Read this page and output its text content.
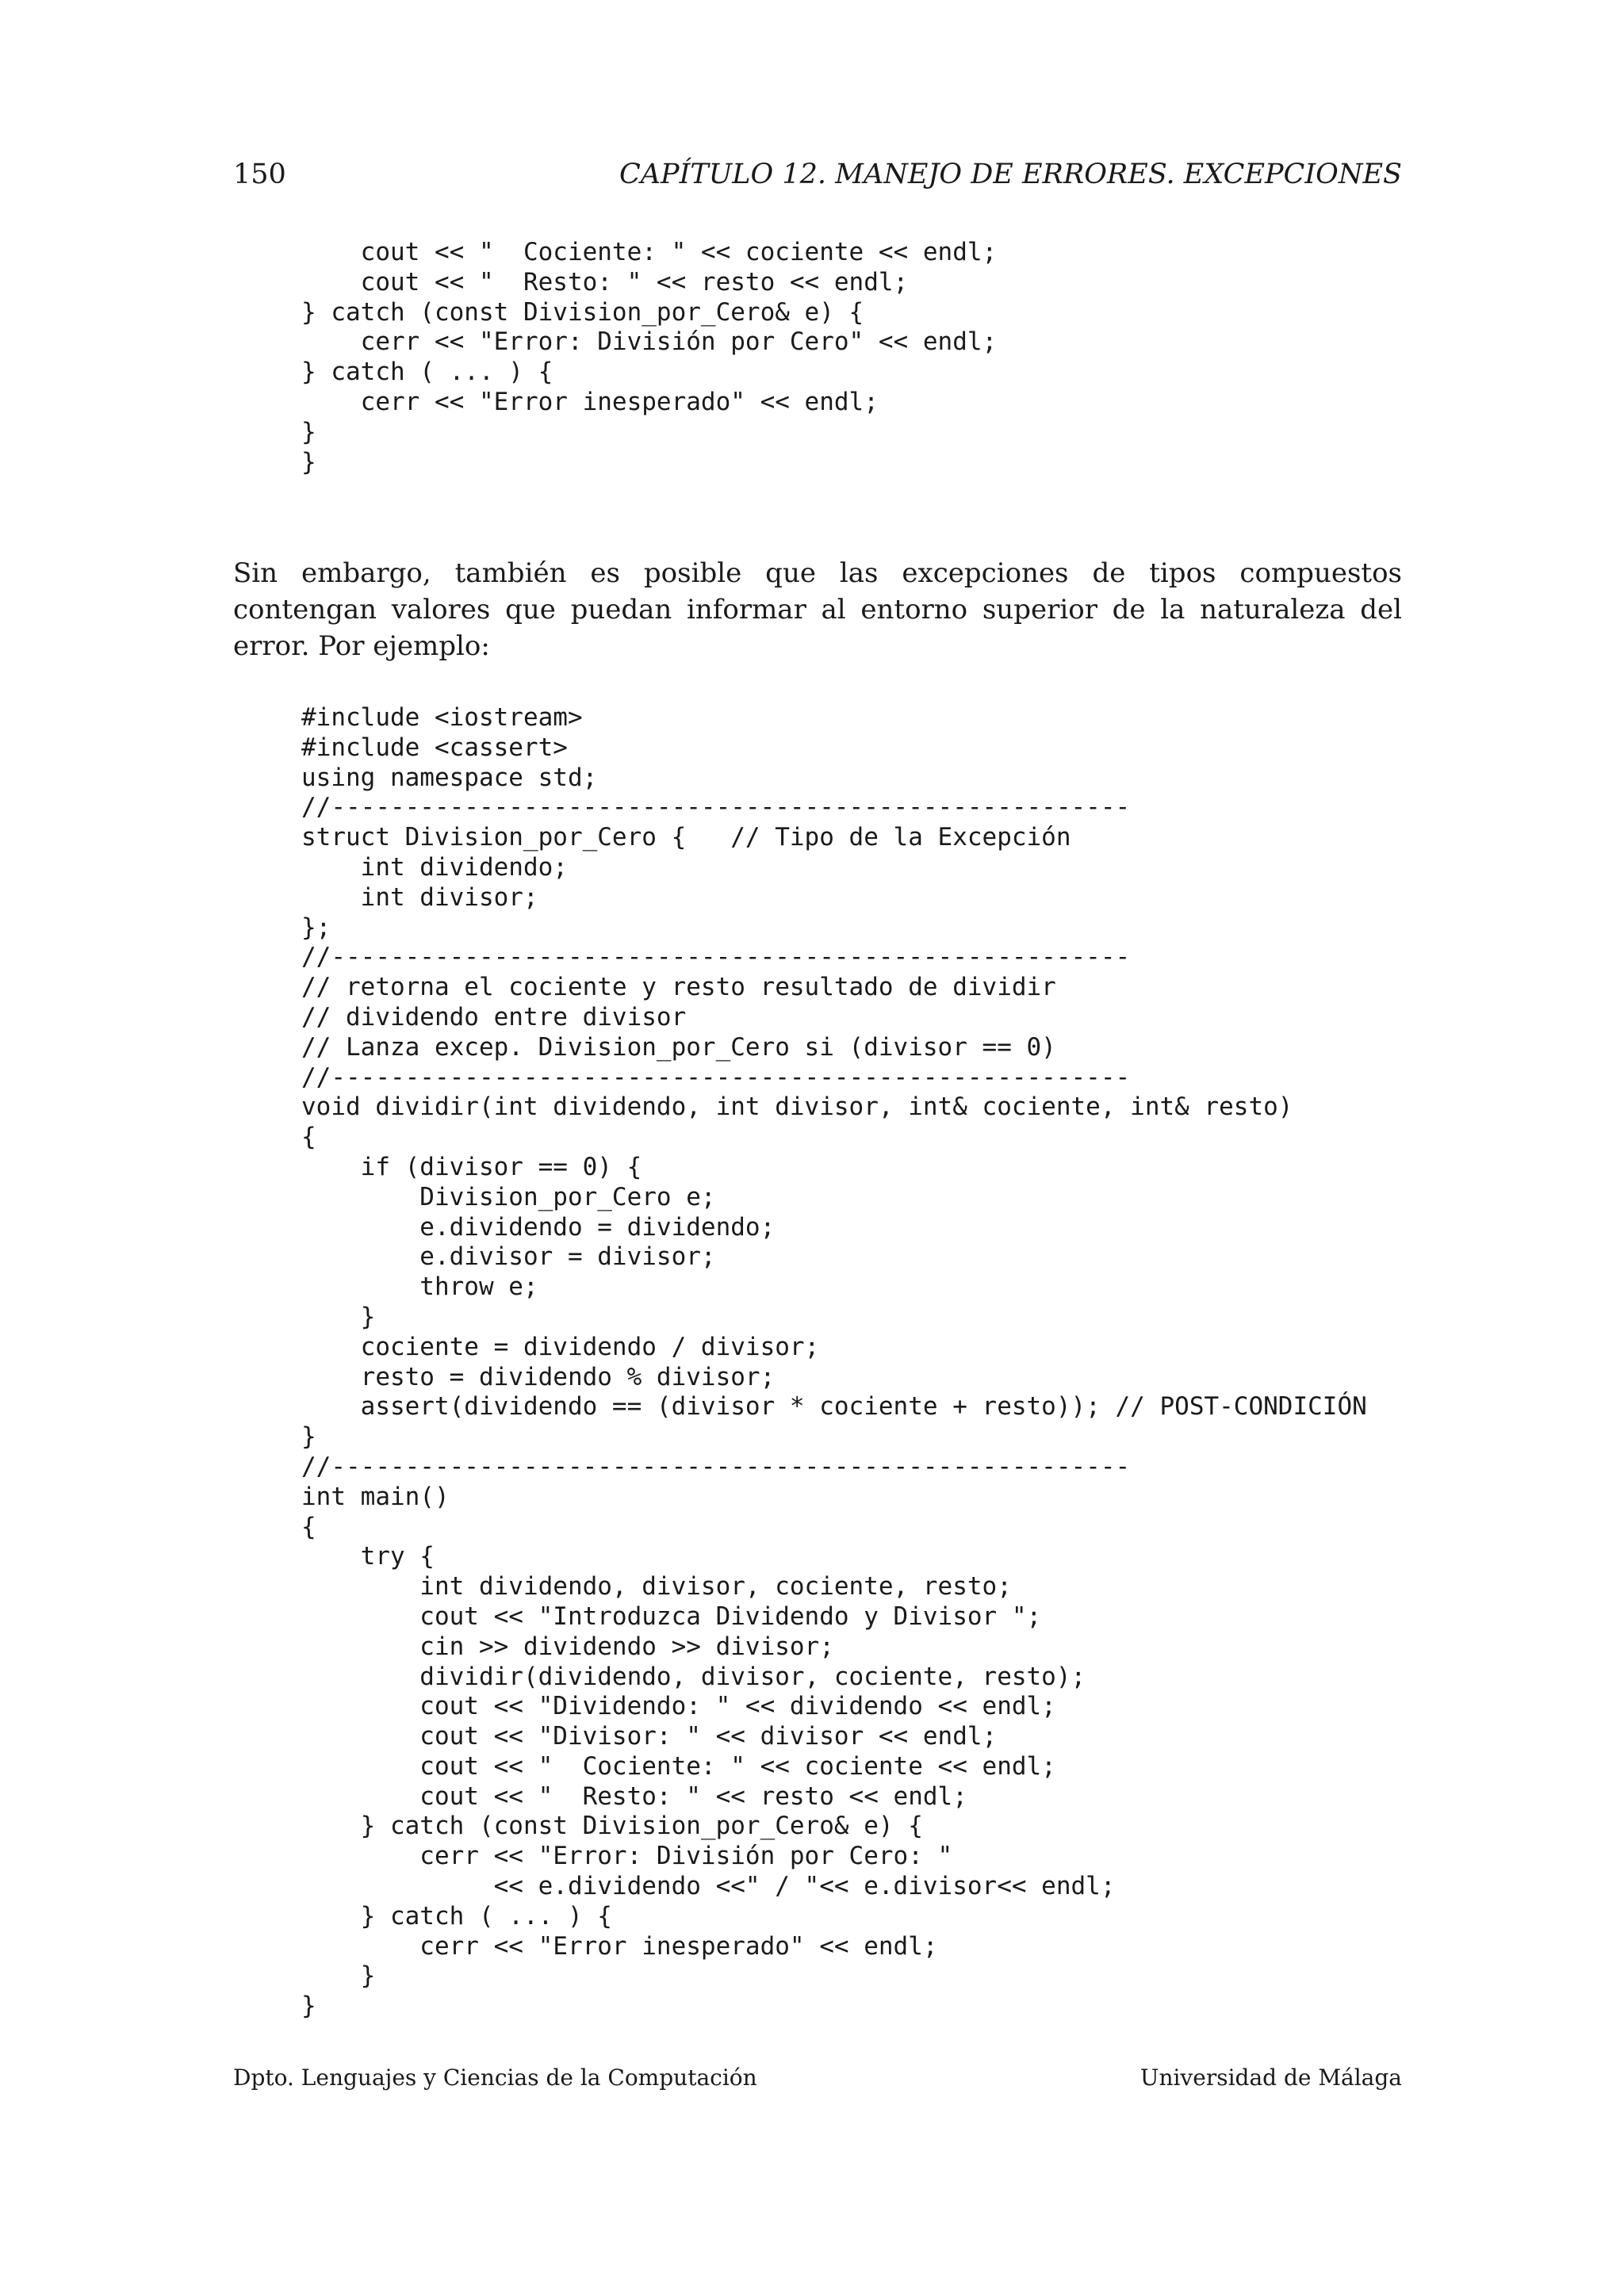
150	CAPÍTULO 12. MANEJO DE ERRORES. EXCEPCIONES
cout << "  Cociente: " << cociente << endl;
cout << "  Resto: " << resto << endl;
} catch (const Division_por_Cero& e) {
cerr << "Error: División por Cero" << endl;
} catch ( ... ) {
cerr << "Error inesperado" << endl;
}
}

Sin embargo, también es posible que las excepciones de tipos compuestos contengan valores que puedan informar al entorno superior de la naturaleza del error. Por ejemplo:

#include <iostream>
#include <cassert>
using namespace std;
//------------------------------------------------------
struct Division_por_Cero {   // Tipo de la Excepción
int dividendo;
int divisor;
};
//------------------------------------------------------
// retorna el cociente y resto resultado de dividir
// dividendo entre divisor
// Lanza excep. Division_por_Cero si (divisor == 0)
//------------------------------------------------------
void dividir(int dividendo, int divisor, int& cociente, int& resto)
{
if (divisor == 0) {
Division_por_Cero e;
e.dividendo = dividendo;
e.divisor = divisor;
throw e;
}
cociente = dividendo / divisor;
resto = dividendo % divisor;
assert(dividendo == (divisor * cociente + resto)); // POST-CONDICIÓN
}
//------------------------------------------------------
int main()
{
try {
int dividendo, divisor, cociente, resto;
cout << "Introduzca Dividendo y Divisor ";
cin >> dividendo >> divisor;
dividir(dividendo, divisor, cociente, resto);
cout << "Dividendo: " << dividendo << endl;
cout << "Divisor: " << divisor << endl;
cout << "  Cociente: " << cociente << endl;
cout << "  Resto: " << resto << endl;
} catch (const Division_por_Cero& e) {
cerr << "Error: División por Cero: "
<< e.dividendo <<" / "<< e.divisor<< endl;
} catch ( ... ) {
cerr << "Error inesperado" << endl;
}
}
Dpto. Lenguajes y Ciencias de la Computación	Universidad de Málaga
